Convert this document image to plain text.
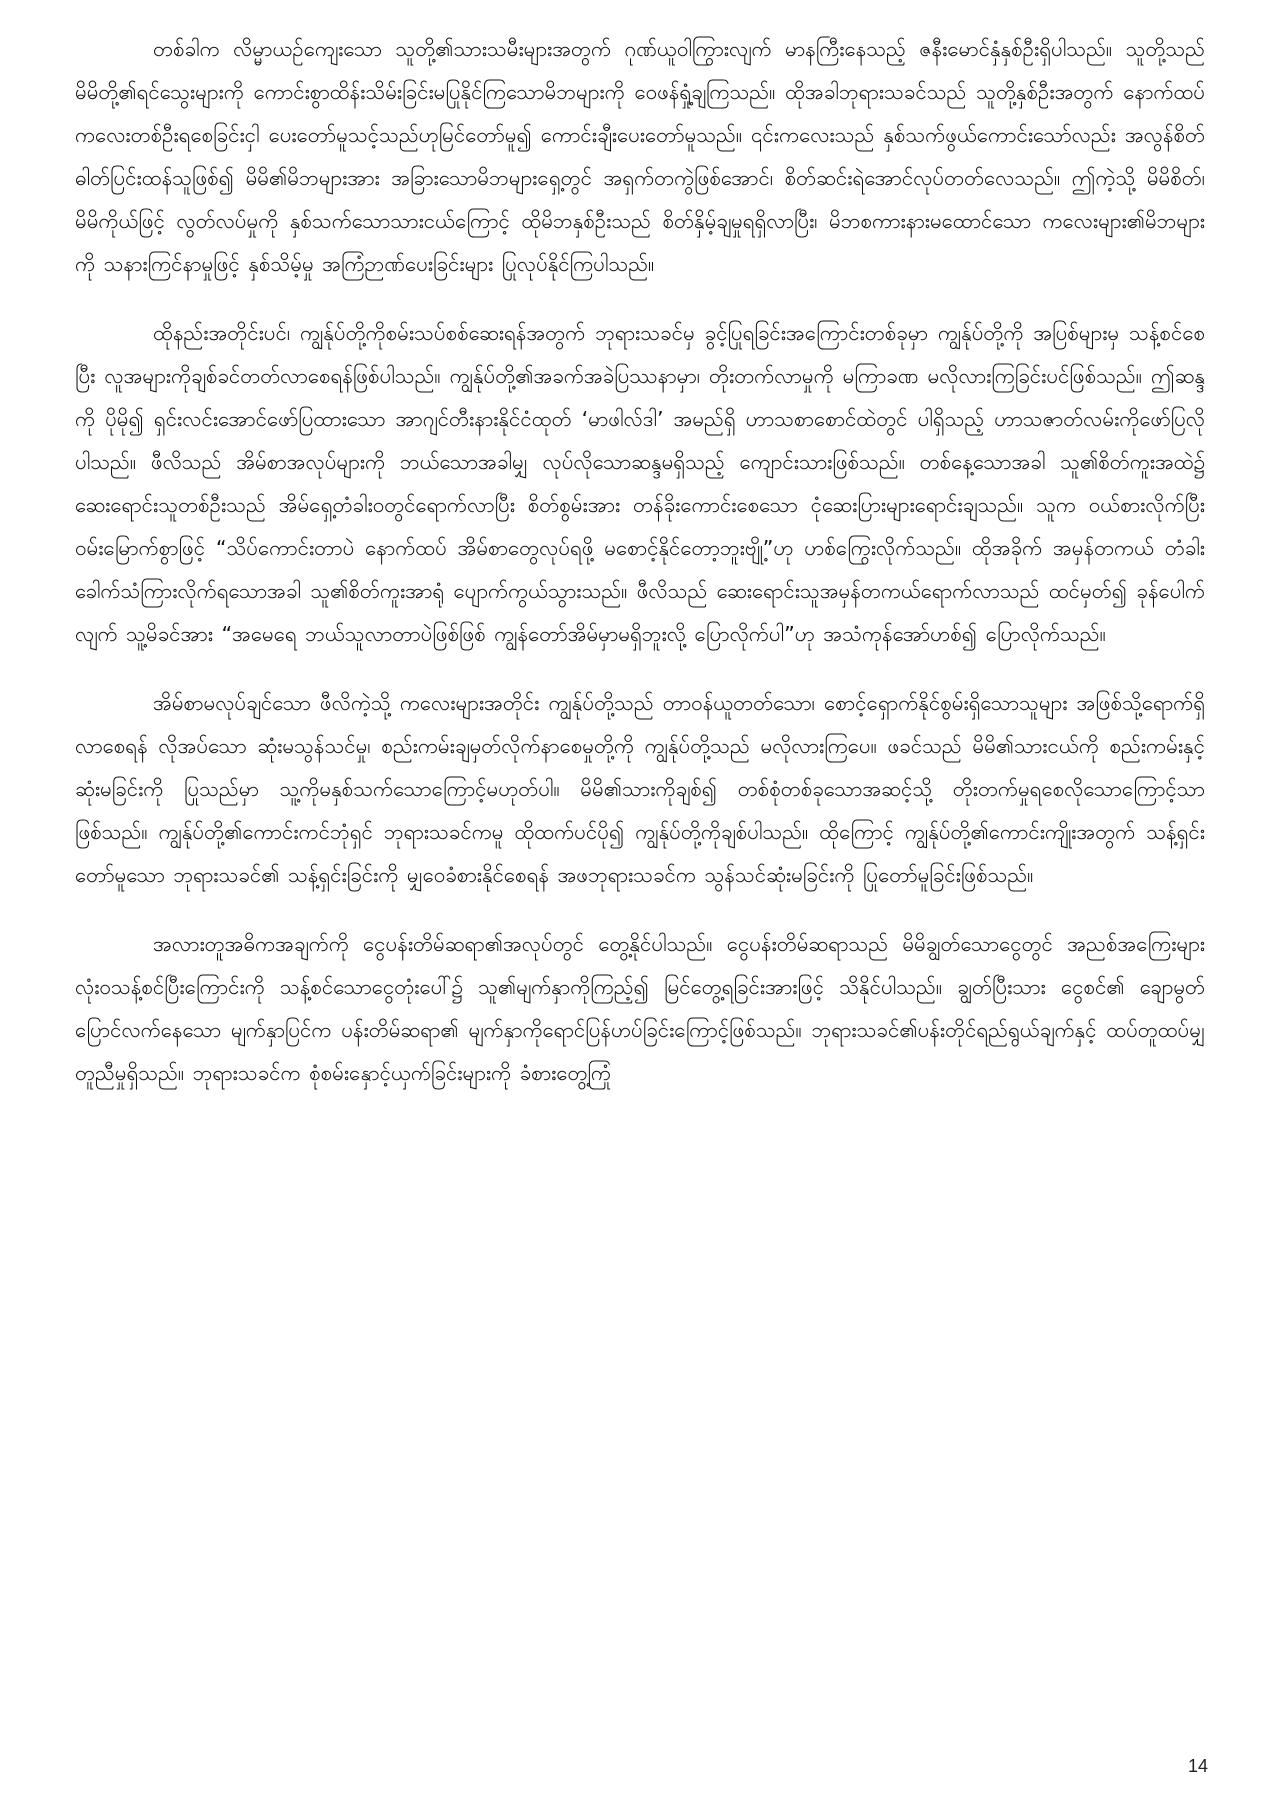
တစ်ခါက လိမ္မာယဉ်ကျေးသော သူတို့၏သားသမီးများအတွက် ဂုဏ်ယူဝါကြွားလျက် မာနကြီးနေသည့် ဇနီးမောင်နှံနှစ်ဦးရှိပါသည်။ သူတို့သည် မိမိတို့၏ရင်သွေးများကို ကောင်းစွာထိန်းသိမ်းခြင်းမပြုနိုင်ကြသောမိဘများကို ဝေဖန်ရှုံ့ချကြသည်။ ထိုအခါဘုရားသခင်သည် သူတို့နှစ်ဦးအတွက် နောက်ထပ်ကလေးတစ်ဦးရစေခြင်းငှါ ပေးတော်မူသင့်သည်ဟုမြင်တော်မူ၍ ကောင်းချီးပေးတော်မူသည်။ ၎င်းကလေးသည် နှစ်သက်ဖွယ်ကောင်းသော်လည်း အလွန်စိတ်ဓါတ်ပြင်းထန်သူဖြစ်၍ မိမိ၏မိဘများအား အခြားသောမိဘများရှေ့တွင် အရှက်တကွဲဖြစ်အောင်၊ စိတ်ဆင်းရဲအောင်လုပ်တတ်လေသည်။ ဤကဲ့သို့ မိမိစိတ်၊ မိမိကိုယ်ဖြင့် လွတ်လပ်မှုကို နှစ်သက်သောသားငယ်ကြောင့် ထိုမိဘနှစ်ဦးသည် စိတ်နှိမ့်ချမှုရရှိလာပြီး၊ မိဘစကားနားမထောင်သော ကလေးများ၏မိဘများကို သနားကြင်နာမှုဖြင့် နှစ်သိမ့်မှု အကြံဉာဏ်ပေးခြင်းများ ပြုလုပ်နိုင်ကြပါသည်။

ထိုနည်းအတိုင်းပင်၊ ကျွန်ုပ်တို့ကိုစမ်းသပ်စစ်ဆေးရန်အတွက် ဘုရားသခင်မှ ခွင့်ပြုရခြင်းအကြောင်းတစ်ခုမှာ ကျွန်ုပ်တို့ကို အပြစ်များမှ သန့်စင်စေပြီး လူအများကိုချစ်ခင်တတ်လာစေရန်ဖြစ်ပါသည်။ ကျွန်ုပ်တို့၏အခက်အခဲပြဿနာမှာ၊ တိုးတက်လာမှုကို မကြာခဏ မလိုလားကြခြင်းပင်ဖြစ်သည်။ ဤဆန္ဒကို ပိုမို၍ ရှင်းလင်းအောင်ဖော်ပြထားသော အာဂျင်တီးနားနိုင်ငံထုတ် ‘မာဖါလ်ဒါ’ အမည်ရှိ ဟာသစာစောင်ထဲတွင် ပါရှိသည့် ဟာသဇာတ်လမ်းကိုဖော်ပြလိုပါသည်။ ဖီလိသည် အိမ်စာအလုပ်များကို ဘယ်သောအခါမျှ လုပ်လိုသောဆန္ဒမရှိသည့် ကျောင်းသားဖြစ်သည်။ တစ်နေ့သောအခါ သူ၏စိတ်ကူးအထဲ၌ ဆေးရောင်းသူတစ်ဦးသည် အိမ်ရှေ့တံခါးဝတွင်ရောက်လာပြီး စိတ်စွမ်းအား တန်ခိုးကောင်းစေသော ငုံဆေးပြားများရောင်းချသည်။ သူက ဝယ်စားလိုက်ပြီး ဝမ်းမြောက်စွာဖြင့် “သိပ်ကောင်းတာပဲ နောက်ထပ် အိမ်စာတွေလုပ်ရဖို့ မစောင့်နိုင်တော့ဘူးဗျို့”ဟု ဟစ်ကြွေးလိုက်သည်။ ထိုအခိုက် အမှန်တကယ် တံခါးခေါက်သံကြားလိုက်ရသောအခါ သူ၏စိတ်ကူးအာရုံ ပျောက်ကွယ်သွားသည်။ ဖီလိသည် ဆေးရောင်းသူအမှန်တကယ်ရောက်လာသည် ထင်မှတ်၍ ခုန်ပေါက်လျက် သူ့မိခင်အား “အမေရေ ဘယ်သူလာတာပဲဖြစ်ဖြစ် ကျွန်တော်အိမ်မှာမရှိဘူးလို့ ပြောလိုက်ပါ”ဟု အသံကုန်အော်ဟစ်၍ ပြောလိုက်သည်။

အိမ်စာမလုပ်ချင်သော ဖီလိကဲ့သို့ ကလေးများအတိုင်း ကျွန်ုပ်တို့သည် တာဝန်ယူတတ်သော၊ စောင့်ရှောက်နိုင်စွမ်းရှိသောသူများ အဖြစ်သို့ရောက်ရှိလာစေရန် လိုအပ်သော ဆုံးမသွန်သင်မှု၊ စည်းကမ်းချမှတ်လိုက်နာစေမှုတို့ကို ကျွန်ုပ်တို့သည် မလိုလားကြပေ။ ဖခင်သည် မိမိ၏သားငယ်ကို စည်းကမ်းနှင့်ဆုံးမခြင်းကို ပြုသည်မှာ သူ့ကိုမနှစ်သက်သောကြောင့်မဟုတ်ပါ။ မိမိ၏သားကိုချစ်၍ တစ်စုံတစ်ခုသောအဆင့်သို့ တိုးတက်မှုရစေလိုသောကြောင့်သာဖြစ်သည်။ ကျွန်ုပ်တို့၏ကောင်းကင်ဘုံရှင် ဘုရားသခင်ကမူ ထိုထက်ပင်ပို၍ ကျွန်ုပ်တို့ကိုချစ်ပါသည်။ ထိုကြောင့် ကျွန်ုပ်တို့၏ကောင်းကျိုးအတွက် သန့်ရှင်းတော်မူသော ဘုရားသခင်၏ သန့်ရှင်းခြင်းကို မျှဝေခံစားနိုင်စေရန် အဖဘုရားသခင်က သွန်သင်ဆုံးမခြင်းကို ပြုတော်မူခြင်းဖြစ်သည်။

အလားတူအဓိကအချက်ကို ငွေပန်းတိမ်ဆရာ၏အလုပ်တွင် တွေ့နိုင်ပါသည်။ ငွေပန်းတိမ်ဆရာသည် မိမိချွတ်သောငွေတွင် အညစ်အကြေးများ လုံးဝသန့်စင်ပြီးကြောင်းကို သန့်စင်သောငွေတုံးပေါ်၌ သူ၏မျက်နှာကိုကြည့်၍ မြင်တွေ့ရခြင်းအားဖြင့် သိနိုင်ပါသည်။ ချွတ်ပြီးသား ငွေစင်၏ ချောမွတ်ပြောင်လက်နေသော မျက်နှာပြင်က ပန်းတိမ်ဆရာ၏ မျက်နှာကိုရောင်ပြန်ဟပ်ခြင်းကြောင့်ဖြစ်သည်။ ဘုရားသခင်၏ပန်းတိုင်ရည်ရွယ်ချက်နှင့် ထပ်တူထပ်မျှတူညီမှုရှိသည်။ ဘုရားသခင်က စုံစမ်းနှောင့်ယှက်ခြင်းများကို ခံစားတွေ့ကြုံ

14
